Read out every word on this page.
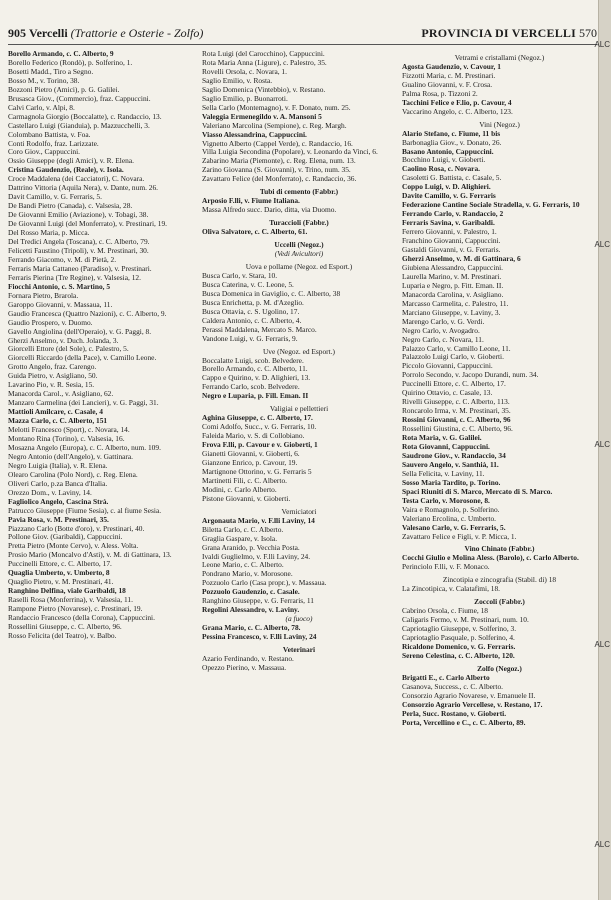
905 Vercelli (Trattorie e Osterie - Zolfo)	PROVINCIA DI VERCELLI 570
Borello Armando, c. C. Alberto, 9
Borello Federico (Rondò), p. Solferino, 1.
Bosetti Madd., Tiro a Segno.
Bosso M., v. Torino, 38.
Bozzoni Pietro (Amici), p. G. Galilei.
Brusasca Giov., (Commercio), fraz. Cappuccini.
Calvi Carlo, v. Alpi, 8.
Carmagnola Giorgio (Boccalatte), c. Randaccio, 13.
Castellaro Luigi (Gianduia), p. Mazzucchelli, 3.
Colombano Battista, v. Foa.
Conti Rodolfo, fraz. Larizzate.
Coro Giov., Cappuccini.
Ossio Giuseppe (degli Amici), v. R. Elena.
Cristina Gaudenzio, (Reale), v. Isola.
Croce Maddalena (dei Cacciatori), C. Novara.
Dattrino Vittoria (Aquila Nera), v. Dante, num. 26.
Davit Camillo, v. G. Ferraris, 5.
De Bandi Pietro (Canada), c. Valsesia, 28.
De Giovanni Emilio (Aviazione), v. Tobagi, 38.
De Giovanni Luigi (del Monferrato), v. Prestinari, 19.
Del Rosso Maria, p. Micca.
Del Tredici Angela (Toscana), c. C. Alberto, 79.
Felicetti Faustino (Tripoli), v. M. Prestinari, 30.
Ferrando Giacomo, v. M. di Pietà, 2.
Ferraris Maria Cattaneo (Paradiso), v. Prestinari.
Ferraris Pierina (Tre Regine), v. Valsesia, 12.
Fiocchi Antonio, c. S. Martino, 5
Fornara Pietro, Brarola.
Garoppo Giovanni, v. Massaua, 11.
Gaudio Francesca (Quattro Nazioni), c. C. Alberto, 9.
Gaudio Prospero, v. Duomo.
Gavello Angiolina (dell'Operaio), v. G. Paggi, 8.
Gherzi Anselmo, v. Duch. Jolanda, 3.
Giorcelli Ettore (del Sole), c. Palestro, 5.
Giorcelli Riccardo (della Pace), v. Camillo Leone.
Grotto Angelo, fraz. Carengo.
Guida Pietro, v. Asigliano, 50.
Lavarino Pio, v. R. Sesia, 15.
Manacorda Carol., v. Asigliano, 62.
Manzaro Carmelina (dei Lancieri), v. G. Paggi, 31.
Mattioli Amilcare, c. Casale, 4
Mazza Carlo, c. C. Alberto, 151
Melotti Francesco (Sport), c. Novara, 14.
Montano Rina (Torino), c. Valsesia, 16.
Mosazna Angelo (Europa), c. C. Alberto, num. 109.
Negro Antonio (dell'Angelo), v. Gattinara.
Negro Luigia (Italia), v. R. Elena.
Olearo Carolina (Polo Nord), c. Reg. Elena.
Oliveri Carlo, p.za Banca d'Italia.
Orezzo Dom., v. Laviny, 14.
Fagliolico Angelo, Cascina Strà.
Patrucco Giuseppe (Fiume Sesia), c. al fiume Sesia.
Pavia Rosa, v. M. Prestinari, 35.
Piazzano Carlo (Botte d'oro), v. Prestinari, 40.
Pollone Giov. (Garibaldi), Cappuccini.
Pretta Pietro (Monte Cervo), v. Aless. Volta.
Prosio Mario (Moncalvo d'Asti), v. M. di Gattinara, 13.
Puccinelli Ettore, c. C. Alberto, 17.
Quaglia Umberto, v. Umberto, 8
Quaglio Pietro, v. M. Prestinari, 41.
Ranghino Delfina, viale Garibaldi, 18
Raselli Rosa (Monferrina), v. Valsesia, 11.
Rampone Pietro (Novarese), c. Prestinari, 19.
Randaccio Francesco (della Corona), Cappuccini.
Rossellini Giuseppe, c. C. Alberto, 96.
Rosso Felicita (del Teatro), v. Balbo.
Rota Luigi (del Carocchino), Cappuccini.
Rota Maria Anna (Ligure), c. Palestro, 35.
Rovelli Orsola, c. Novara, 1.
Saglio Emilio, v. Rosta.
Saglio Domenica (Vintebbio), v. Restano.
Saglio Emilio, p. Buonarroti.
Sella Carlo (Montemagno), v. F. Donato, num. 25.
Valeggia Ermenegildo v. A. Mansoni 5
Valeriano Marcolina (Sempione), c. Reg. Margh.
Viasso Alessandrina, Cappuccini.
Vignetto Alberto (Cappel Verde), c. Randaccio, 16.
Villa Luigia Secondina (Popolare), v. Leonardo da Vinci, 6.
Zabarino Maria (Piemonte), c. Reg. Elena, num. 13.
Zarino Giovanna (S. Giovanni), v. Trino, num. 35.
Zavattaro Felice (del Monferrato), c. Randaccio, 36.
Tubi di cemento (Fabbr.)
Arposio F.lli, v. Fiume Italiana.
Massa Alfredo succ. Dario, ditta, via Duomo.
Turaccioli (Fabbr.)
Oliva Salvatore, c. C. Alberto, 61.
Uccelli (Negoz.)
(Vedi Avicultori)
Uova e pollame (Negoz. ed Esport.)
Busca Carlo, v. Stara, 10.
Busca Caterina, v. C. Leone, 5.
Busca Domenica in Gaviglio, c. C. Alberto, 38
Busca Enrichetta, p. M. d'Azeglio.
Busca Ottavia, c. S. Ugolino, 17.
Caldera Antonio, c. C. Alberto, 4.
Perassi Maddalena, Mercato S. Marco.
Vandone Luigi, v. G. Ferraris, 9.
Uve (Negoz. ed Esport.)
Boccalatte Luigi, scob. Belvedere.
Borello Armando, c. C. Alberto, 11.
Cappo e Quirino, v. D. Alighieri, 13.
Ferrando Carlo, scob. Belvedere.
Negro e Luparia, p. Fill. Eman. II
Valigiai e pellettieri
Aghina Giuseppe, c. C. Alberto, 17.
Comi Adolfo, Succ., v. G. Ferraris, 10.
Faleida Mario, v. S. di Collobiano.
Frova F.lli, p. Cavour e v. Gioberti, 1
Gianetti Giovanni, v. Gioberti, 6.
Gianzone Enrico, p. Cavour, 19.
Martignone Ottorino, v. G. Ferraris 5
Martinetti Fili, c. C. Alberto.
Modini, c. Carlo Alberto.
Pistone Giovanni, v. Gioberti.
Verniciatori
Argonauta Mario, v. F.lli Laviny, 14
Biletta Carlo, c. C. Alberto.
Graglia Gaspare, v. Isola.
Grana Aranido, p. Vecchia Posta.
Ivaldi Guglielmo, v. F.lli Laviny, 24.
Leone Mario, c. C. Alberto.
Pondrano Mario, v. Morosone.
Pozzuolo Carlo (Casa propr.), v. Massaua.
Pozzuolo Gaudenzio, c. Casale.
Ranghino Giuseppe, v. G. Ferraris, 11
Regolini Alessandro, v. Laviny.
(a fuoco)
Grana Mario, c. C. Alberto, 78.
Pessina Francesco, v. F.lli Laviny, 24
Veterinari
Azario Ferdinando, v. Restano.
Opezzo Pierino, v. Massaua.
Vetrami e cristallami (Negoz.)
Agosta Gaudenzio, v. Cavour, 1
Fizzotti Maria, c. M. Prestinari.
Gualino Giovanni, v. F. Crosa.
Palma Rosa, p. Tizzoni 2.
Tacchini Felice e F.lio, p. Cavour, 4
Vaccarino Angelo, c. C. Alberto, 123.
Vini (Negoz.)
Alario Stefano, c. Fiume, 11 bis
Barbonaglia Giov., v. Donato, 26.
Basano Antonio, Cappuccini.
Bocchino Luigi, v. Gioberti.
Caolino Rosa, c. Novara.
Casoletti G. Battista, c. Casale, 5.
Coppo Luigi, v. D. Alighieri.
Davite Camillo, v. G. Ferraris
Federazione Cantine Sociale Stradella, v. G. Ferraris, 10
Ferrando Carlo, v. Randaccio, 2
Ferraris Savina, v. Garibaldi.
Ferrero Giovanni, v. Palestro, 1.
Franchino Giovanni, Cappuccini.
Gastaldi Giovanni, v. G. Ferraris.
Gherzi Anselmo, v. M. di Gattinara, 6
Giubiena Alessandro, Cappuccini.
Laurella Marino, v. M. Prestinari.
Luparia e Negro, p. Fitt. Eman. II.
Manacorda Carolina, v. Asigliano.
Marcasso Carmelita, c. Palestro, 11.
Marciano Giuseppe, v. Laviny, 3.
Marengo Carlo, v. G. Verdi.
Negro Carlo, v. Avogadro.
Negro Carlo, c. Novara, 11.
Palazzo Carlo, v. Camillo Leone, 11.
Palazzolo Luigi Carlo, v. Gioberti.
Piccolo Giovanni, Cappuccini.
Porrolo Secondo, v. Jacopo Durandi, num. 34.
Puccinelli Ettore, c. C. Alberto, 17.
Quirino Ottavio, c. Casale, 13.
Rivelli Giuseppe, c. C. Alberto, 113.
Roncarolo Irma, v. M. Prestinari, 35.
Rossini Giovanni, c. C. Alberto, 96
Rossellini Giustina, c. C. Alberto, 96.
Rota Maria, v. G. Galilei.
Rota Giovanni, Cappuccini.
Saudrone Giov., v. Randaccio, 34
Sauvero Angelo, v. Santhià, 11.
Sella Felicita, v. Laviny, 11.
Sosso Maria Tardito, p. Torino.
Spaci Riuniti di S. Marco, Mercato di S. Marco.
Testa Carlo, v. Morosone, 8.
Vaira e Romagnolo, p. Solferino.
Valeriano Ercolina, c. Umberto.
Valesano Carlo, v. G. Ferraris, 5.
Zavattaro Felice e Figli, v. P. Micca, 1.
Vino Chinato (Fabbr.)
Cocchi Giulio e Molina Aless. (Barolo), c. Carlo Alberto.
Perinciolo F.lli, v. F. Monaco.
Zincotipia e zincografia (Stabil. di) 18
La Zincotipica, v. Calatafimi, 18.
Zoccoli (Fabbr.)
Cabrino Orsola, c. Fiume, 18
Caligaris Fermo, v. M. Prestinari, num. 10.
Capriotaglio Giuseppe, v. Solferino, 3.
Capriotaglio Pasquale, p. Solferino, 4.
Ricaldone Domenico, v. G. Ferraris.
Sereno Celestina, c. C. Alberto, 120.
Zolfo (Negoz.)
Brigatti E., c. Carlo Alberto
Casanova, Success., c. C. Alberto.
Consorzio Agrario Novarese, v. Emanuele II.
Consorzio Agrario Vercellese, v. Restano, 17.
Perla, Succ. Rostano, v. Gioberti.
Porta, Vercellino e C., c. C. Alberto, 89.
ALC
ALC
ALC
ALC
ALC
